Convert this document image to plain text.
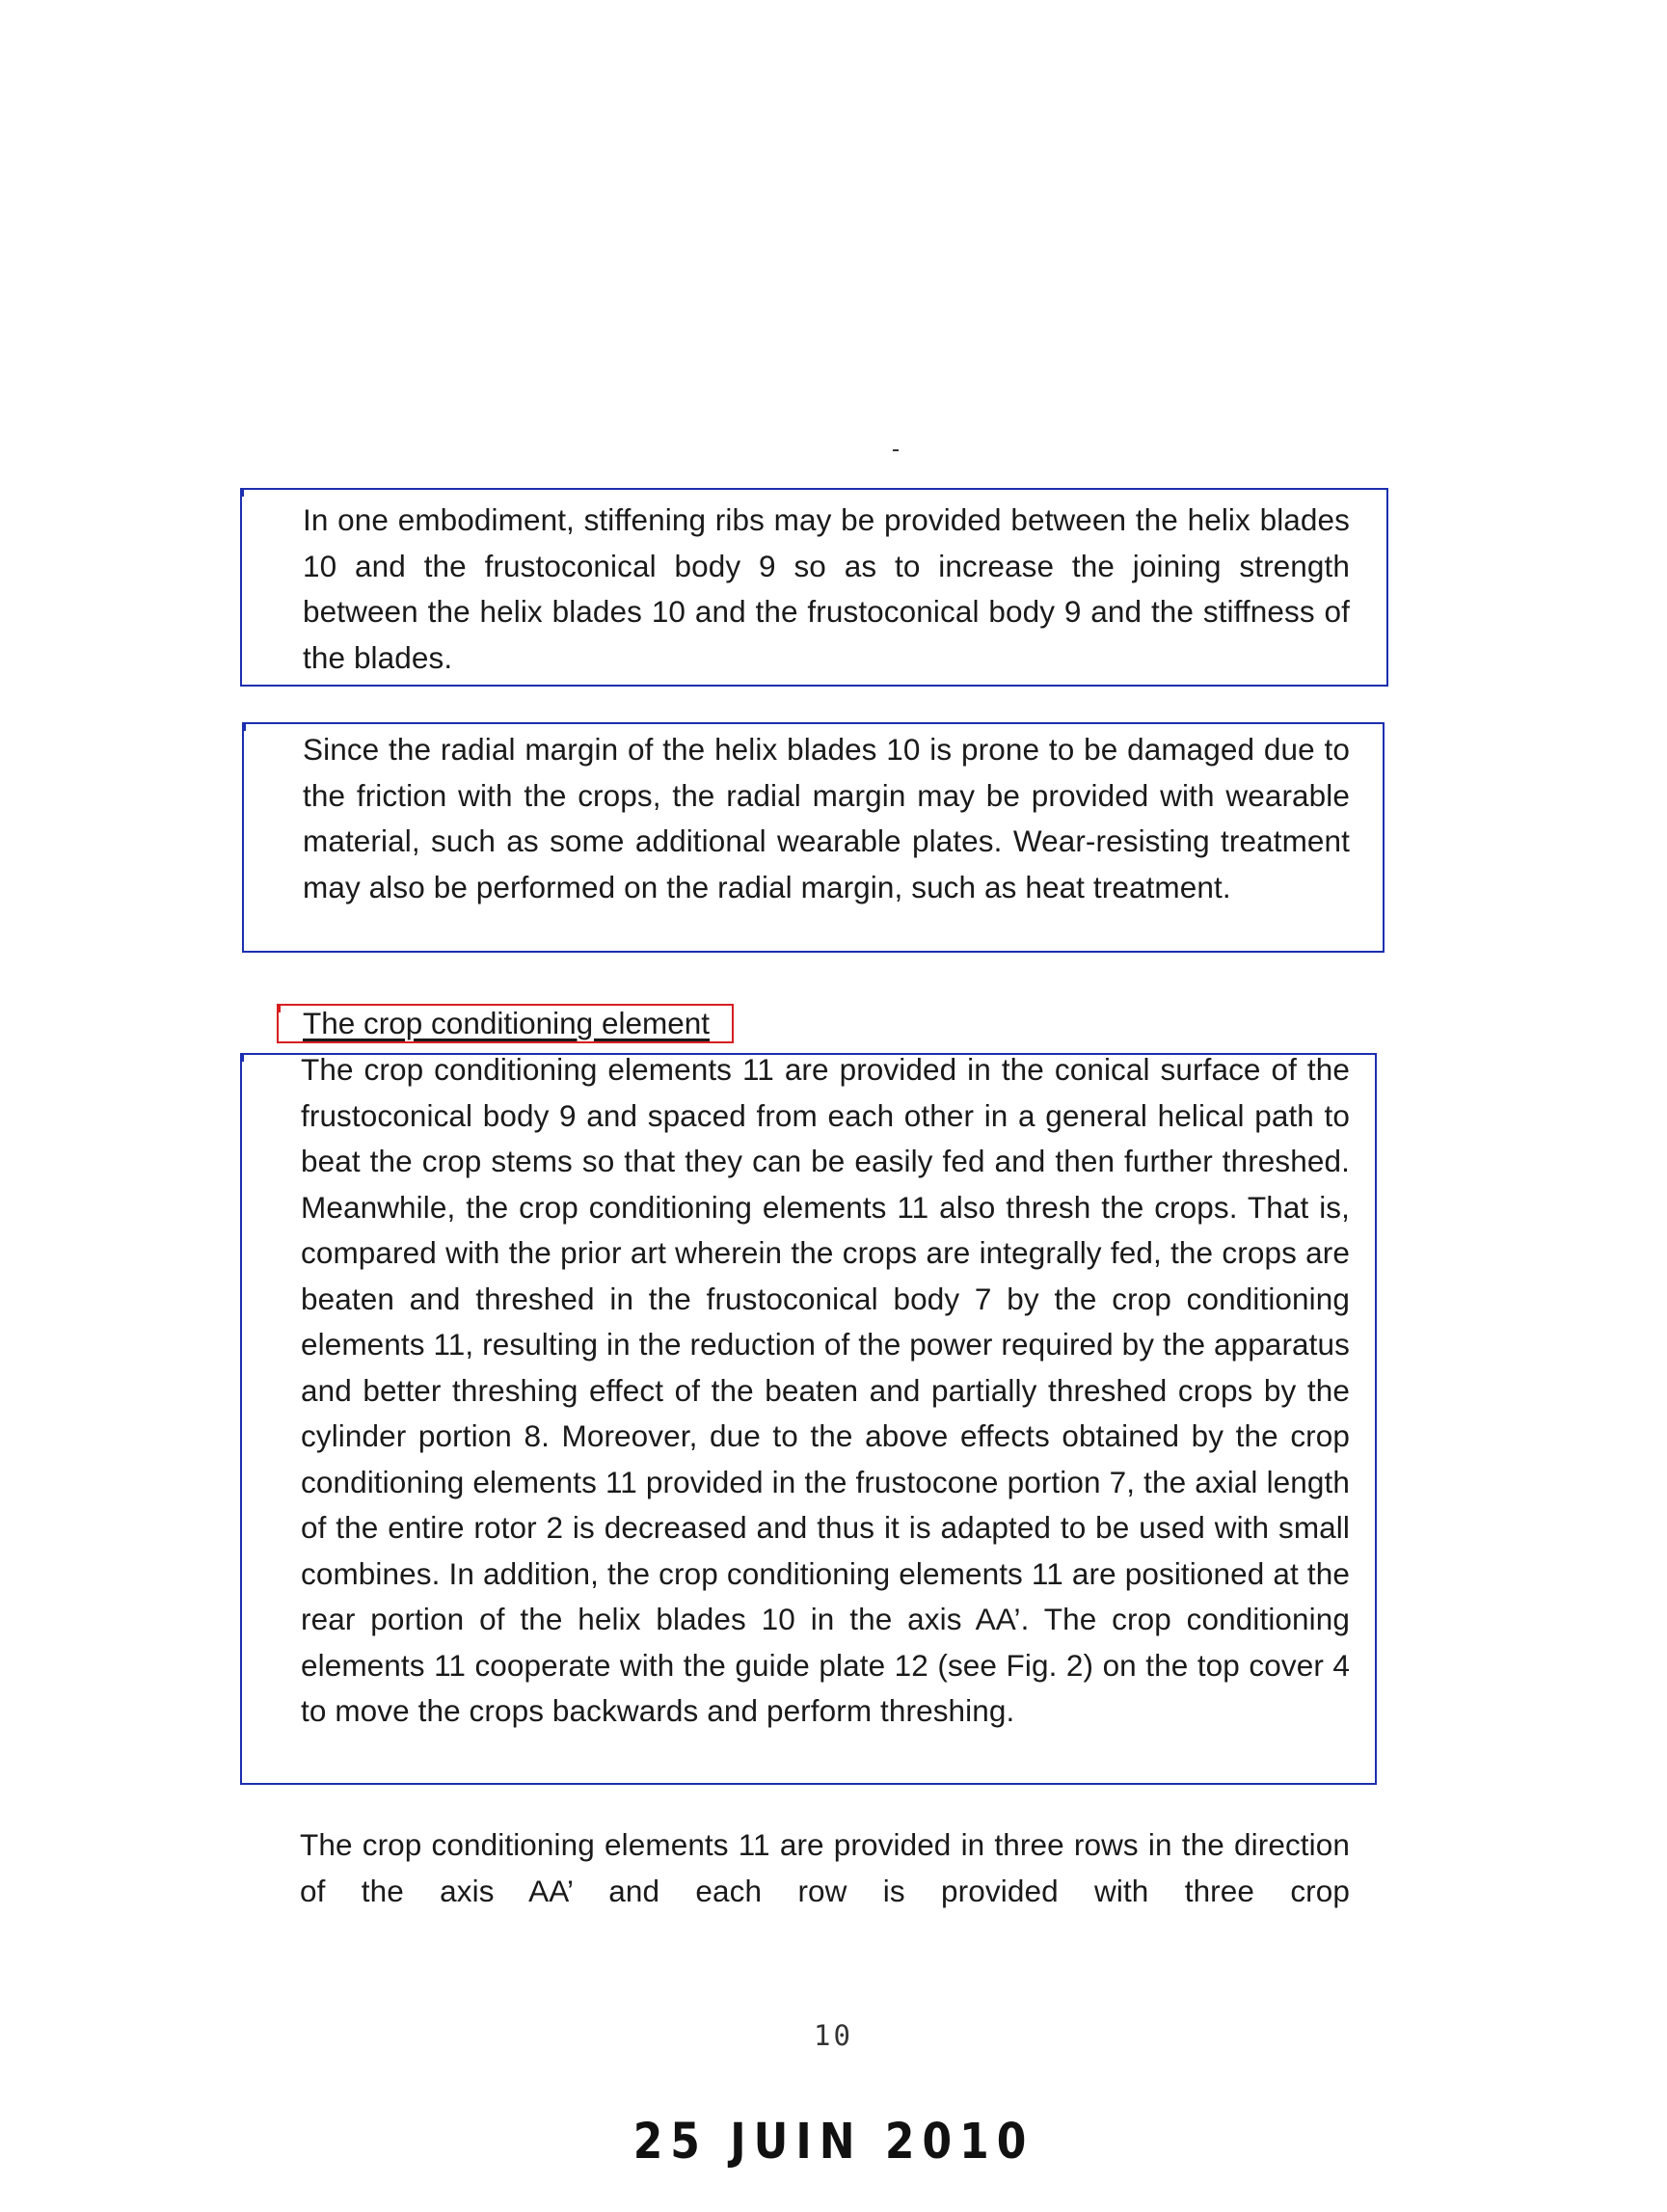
In one embodiment, stiffening ribs may be provided between the helix blades 10 and the frustoconical body 9 so as to increase the joining strength between the helix blades 10 and the frustoconical body 9 and the stiffness of the blades.
Since the radial margin of the helix blades 10 is prone to be damaged due to the friction with the crops, the radial margin may be provided with wearable material, such as some additional wearable plates. Wear-resisting treatment may also be performed on the radial margin, such as heat treatment.
The crop conditioning element
The crop conditioning elements 11 are provided in the conical surface of the frustoconical body 9 and spaced from each other in a general helical path to beat the crop stems so that they can be easily fed and then further threshed. Meanwhile, the crop conditioning elements 11 also thresh the crops. That is, compared with the prior art wherein the crops are integrally fed, the crops are beaten and threshed in the frustoconical body 7 by the crop conditioning elements 11, resulting in the reduction of the power required by the apparatus and better threshing effect of the beaten and partially threshed crops by the cylinder portion 8. Moreover, due to the above effects obtained by the crop conditioning elements 11 provided in the frustocone portion 7, the axial length of the entire rotor 2 is decreased and thus it is adapted to be used with small combines. In addition, the crop conditioning elements 11 are positioned at the rear portion of the helix blades 10 in the axis AA’. The crop conditioning elements 11 cooperate with the guide plate 12 (see Fig. 2) on the top cover 4 to move the crops backwards and perform threshing.
The crop conditioning elements 11 are provided in three rows in the direction of the axis AA’ and each row is provided with three crop
10
25 JUIN 2010
